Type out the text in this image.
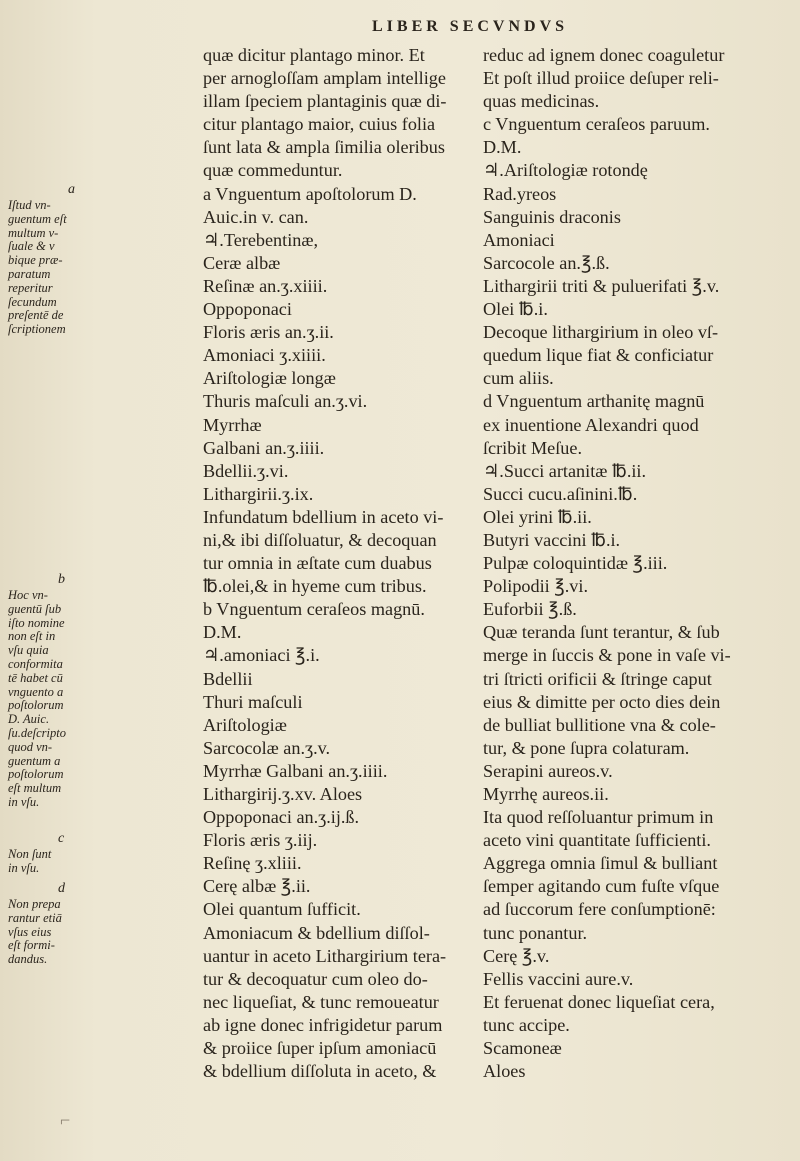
LIBER SECVNDVS
quæ dicitur plantago minor. Et
per arnogloſſam amplam intellige
illam ſpeciem plantaginis quæ di-
citur plantago maior, cuius folia
ſunt lata & ampla ſimilia oleribus
quæ commeduntur.
a Vnguentum apoſtolorum D.
Auic.in v. can.
♃.Terebentinæ,
Ceræ albæ
Reſinæ an.ʒ.xiiii.
Oppoponaci
Floris æris an.ʒ.ii.
Amoniaci ʒ.xiiii.
Ariſtologiæ longæ
Thuris maſculi an.ʒ.vi.
Myrrhæ
Galbani an.ʒ.iiii.
Bdellii.ʒ.vi.
Lithargirii.ʒ.ix.
Infundatum bdellium in aceto vi-
ni,& ibi diſſoluatur, & decoquan
tur omnia in æſtate cum duabus
℔.olei,& in hyeme cum tribus.
b Vnguentum ceraſeos magnū.
D.M.
♃.amoniaci ℥.i.
Bdellii
Thuri maſculi
Ariſtologiæ
Sarcocolæ an.ʒ.v.
Myrrhæ Galbani an.ʒ.iiii.
Lithargirij.ʒ.xv. Aloes
Oppoponaci an.ʒ.ij.ß.
Floris æris ʒ.iij.
Reſinę ʒ.xliii.
Cerę albæ ℥.ii.
Olei quantum ſufficit.
Amoniacum & bdellium diſſol-
uantur in aceto Lithargirium tera-
tur & decoquatur cum oleo do-
nec liqueſiat, & tunc remoueatur
ab igne donec infrigidetur parum
& proiice ſuper ipſum amoniacū
& bdellium diſſoluta in aceto, &
reduc ad ignem donec coaguletur
Et poſt illud proiice deſuper reli-
quas medicinas.
c Vnguentum ceraſeos paruum.
D.M.
♃.Ariſtologiæ rotondę
Rad.yreos
Sanguinis draconis
Amoniaci
Sarcocole an.℥.ß.
Lithargirii triti & puluerifati ℥.v.
Olei ℔.i.
Decoque lithargirium in oleo vſ-
quedum lique fiat & conficiatur
cum aliis.
d Vnguentum arthanitę magnū
ex inuentione Alexandri quod
ſcribit Meſue.
♃.Succi artanitæ ℔.ii.
Succi cucu.aſinini.℔.
Olei yrini ℔.ii.
Butyri vaccini ℔.i.
Pulpæ coloquintidæ ℥.iii.
Polipodii ℥.vi.
Euforbii ℥.ß.
Quæ teranda ſunt terantur, & ſub
merge in ſuccis & pone in vaſe vi-
tri ſtricti orificii & ſtringe caput
eius & dimitte per octo dies dein
de bulliat bullitione vna & cole-
tur, & pone ſupra colaturam.
Serapini aureos.v.
Myrrhę aureos.ii.
Ita quod reſſoluantur primum in
aceto vini quantitate ſufficienti.
Aggrega omnia ſimul & bulliant
ſemper agitando cum fuſte vſque
ad ſuccorum fere conſumptionē:
tunc ponantur.
Cerę ℥.v.
Fellis vaccini aure.v.
Et feruenat donec liqueſiat cera,
tunc accipe.
Scamoneæ
Aloes
a
Iſtud vn-
guentum eſt
multum v-
ſuale & v
bique præ-
paratum
reperitur
ſecundum
preſentē de
ſcriptionem
b
Hoc vn-
guentū ſub
iſto nomine
non eſt in
vſu quia
conformita
tē habet cū
vnguento a
poſtolorum
D. Auic.
ſu.deſcripto
quod vn-
guentum a
poſtolorum
eſt multum
in vſu.
c
Non ſunt
in vſu.
d
Non prepa
rantur etiā
vſus eius
eſt formi-
dandus.
⌐
